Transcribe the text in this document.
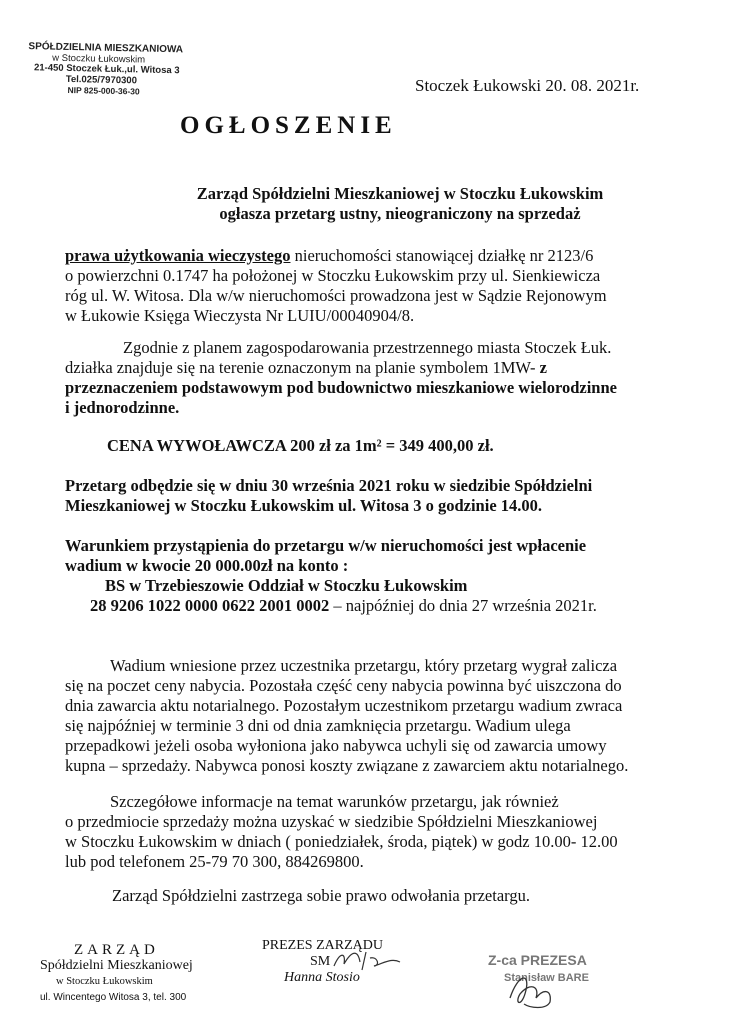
SPÓŁDZIELNIA MIESZKANIOWA
w Stoczku Łukowskim
21-450 Stoczek Łuk.,ul. Witosa 3
Tel.025/7970300
NIP 825-000-36-30	Stoczek Łukowski 20. 08. 2021r.
OGŁOSZENIE
Zarząd Spółdzielni Mieszkaniowej w Stoczku Łukowskim
ogłasza przetarg ustny, nieograniczony na sprzedaż
prawa użytkowania wieczystego nieruchomości stanowiącej działkę nr 2123/6
o powierzchni 0.1747 ha położonej w Stoczku Łukowskim przy ul. Sienkiewicza
róg ul. W. Witosa. Dla w/w nieruchomości prowadzona jest w Sądzie Rejonowym
w Łukowie Księga Wieczysta Nr LUIU/00040904/8.
Zgodnie z planem zagospodarowania przestrzennego miasta Stoczek Łuk.
działka znajduje się na terenie oznaczonym na planie symbolem 1MW- z
przeznaczeniem podstawowym pod budownictwo mieszkaniowe wielorodzinne
i jednorodzinne.
CENA WYWOŁAWCZA 200 zł za 1m² = 349 400,00 zł.
Przetarg odbędzie się w dniu 30 września 2021 roku w siedzibie Spółdzielni
Mieszkaniowej w Stoczku Łukowskim ul. Witosa 3 o godzinie 14.00.
Warunkiem przystąpienia do przetargu w/w nieruchomości jest wpłacenie
wadium w kwocie 20 000.00zł na konto :
BS w Trzebieszowie Oddział w Stoczku Łukowskim
28 9206 1022 0000 0622 2001 0002 – najpóźniej do dnia 27 września 2021r.
Wadium wniesione przez uczestnika przetargu, który przetarg wygrał zalicza
się na poczet ceny nabycia. Pozostała część ceny nabycia powinna być uiszczona do
dnia zawarcia aktu notarialnego. Pozostałym uczestnikom przetargu wadium zwraca
się najpóźniej w terminie 3 dni od dnia zamknięcia przetargu. Wadium ulega
przepadkowi jeżeli osoba wyłoniona jako nabywca uchyli się od zawarcia umowy
kupna – sprzedaży. Nabywca ponosi koszty związane z zawarciem aktu notarialnego.
Szczegółowe informacje na temat warunków przetargu, jak również
o przedmiocie sprzedaży można uzyskać w siedzibie Spółdzielni Mieszkaniowej
w Stoczku Łukowskim w dniach ( poniedziałek, środa, piątek) w godz 10.00- 12.00
lub pod telefonem 25-79 70 300, 884269800.
Zarząd Spółdzielni zastrzega sobie prawo odwołania przetargu.
ZARZĄD
Spółdzielni Mieszkaniowej
w Stoczku Łukowskim
ul. Wincentego Witosa 3, tel. 300
PREZES ZARZĄDU
SM
Hanna Stosio
Z-ca PREZESA
Stanisław BARE
